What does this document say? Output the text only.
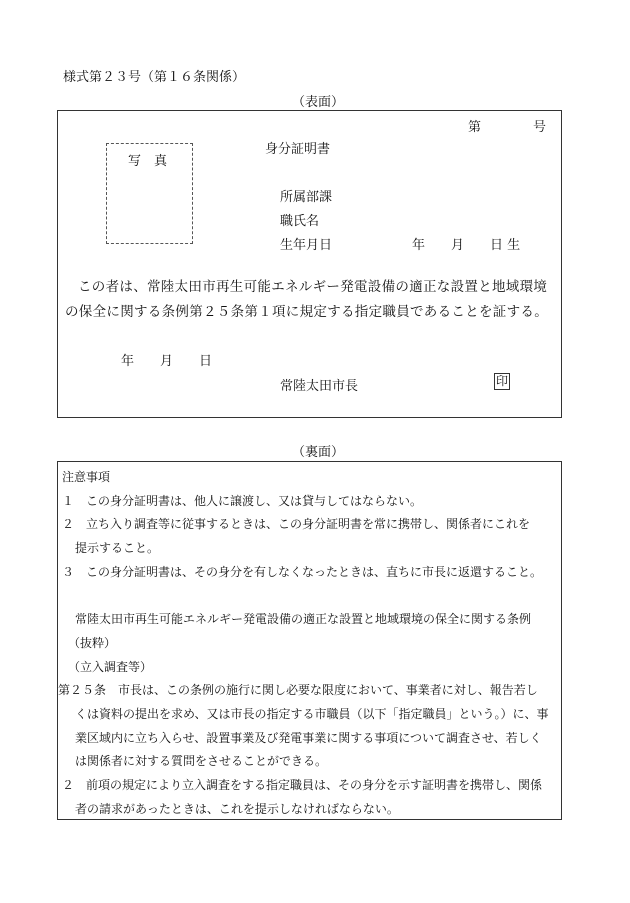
様式第２３号（第１６条関係）
（表面）
第　　　　号
写　真
身分証明書
所属部課
職氏名
生年月日	年　　月　　日 生
この者は、常陸太田市再生可能エネルギー発電設備の適正な設置と地域環境の保全に関する条例第２５条第１項に規定する指定職員であることを証する。
年　　月　　日
常陸太田市長	印
（裏面）
注意事項
１　この身分証明書は、他人に譲渡し、又は貸与してはならない。
２　立ち入り調査等に従事するときは、この身分証明書を常に携帯し、関係者にこれを
提示すること。
３　この身分証明書は、その身分を有しなくなったときは、直ちに市長に返還すること。
常陸太田市再生可能エネルギー発電設備の適正な設置と地域環境の保全に関する条例
（抜粋）
（立入調査等）
第２５条　市長は、この条例の施行に関し必要な限度において、事業者に対し、報告若し
くは資料の提出を求め、又は市長の指定する市職員（以下「指定職員」という。）に、事
業区域内に立ち入らせ、設置事業及び発電事業に関する事項について調査させ、若しく
は関係者に対する質問をさせることができる。
２　前項の規定により立入調査をする指定職員は、その身分を示す証明書を携帯し、関係
者の請求があったときは、これを提示しなければならない。
